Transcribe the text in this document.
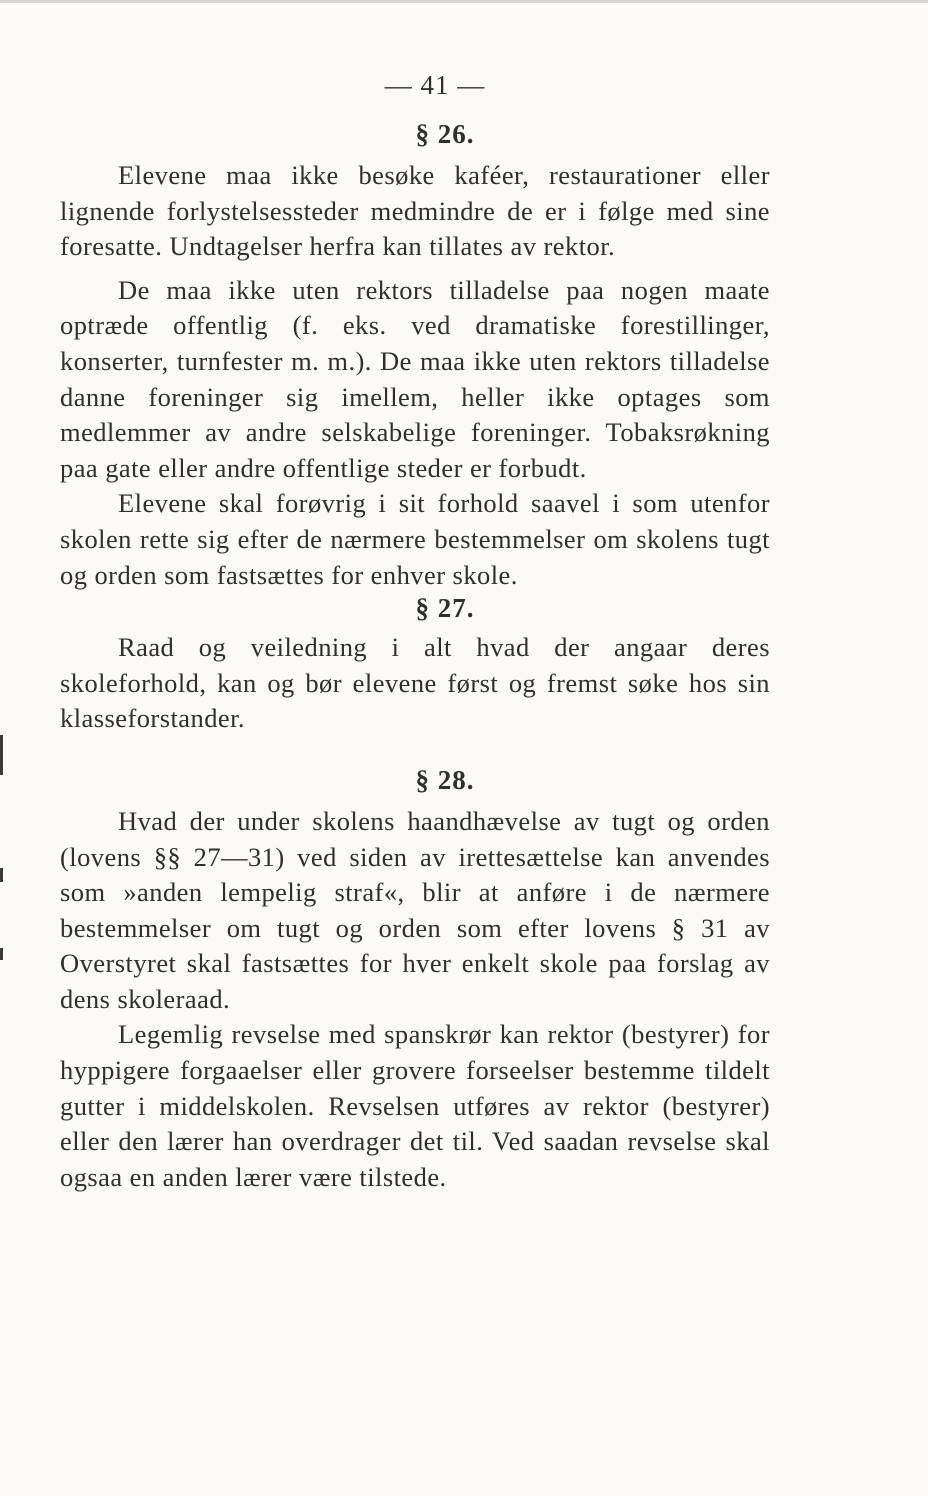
— 41 —
§ 26.

Elevene maa ikke besøke kaféer, restaurationer eller lignende forlystelsessteder medmindre de er i følge med sine foresatte. Undtagelser herfra kan tillates av rektor.

De maa ikke uten rektors tilladelse paa nogen maate optræde offentlig (f. eks. ved dramatiske forestillinger, konserter, turnfester m. m.). De maa ikke uten rektors tilladelse danne foreninger sig imellem, heller ikke optages som medlemmer av andre selskabelige foreninger. Tobaksrøkning paa gate eller andre offentlige steder er forbudt.

Elevene skal forøvrig i sit forhold saavel i som utenfor skolen rette sig efter de nærmere bestemmelser om skolens tugt og orden som fastsættes for enhver skole.

§ 27.

Raad og veiledning i alt hvad der angaar deres skoleforhold, kan og bør elevene først og fremst søke hos sin klasseforstander.

§ 28.

Hvad der under skolens haandhævelse av tugt og orden (lovens §§ 27—31) ved siden av irettesættelse kan anvendes som »anden lempelig straf«, blir at anføre i de nærmere bestemmelser om tugt og orden som efter lovens § 31 av Overstyret skal fastsættes for hver enkelt skole paa forslag av dens skoleraad.

Legemlig revselse med spanskrør kan rektor (bestyrer) for hyppigere forgaaelser eller grovere forseelser bestemme tildelt gutter i middelskolen. Revselsen utføres av rektor (bestyrer) eller den lærer han overdrager det til. Ved saadan revselse skal ogsaa en anden lærer være tilstede.
